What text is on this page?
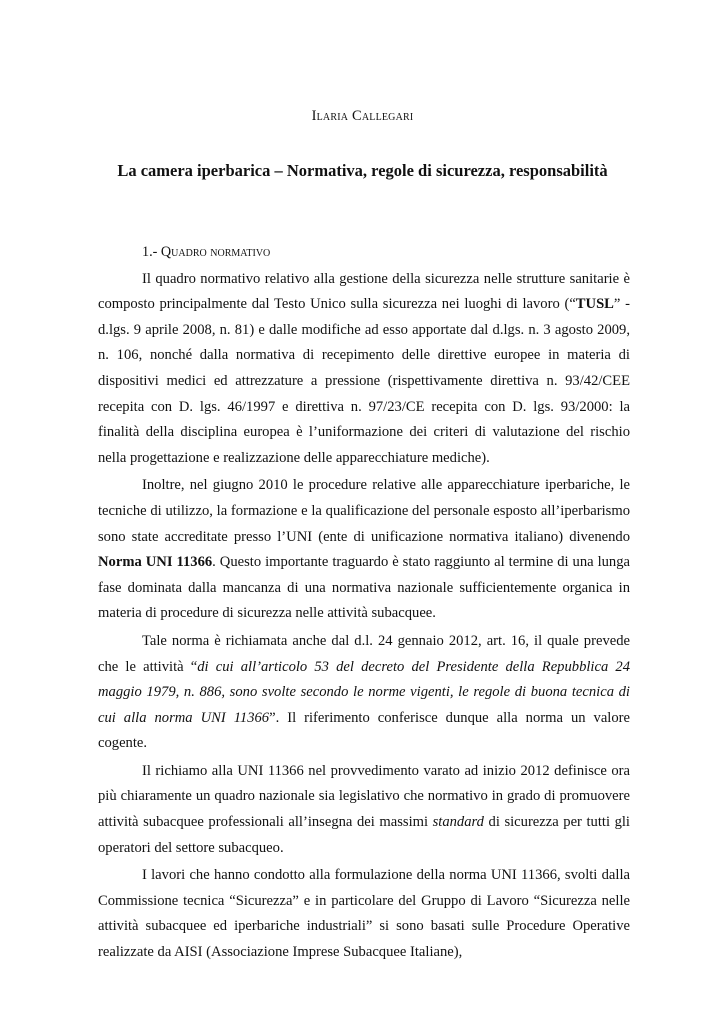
Ilaria Callegari
La camera iperbarica – Normativa, regole di sicurezza, responsabilità
1.- Quadro normativo

Il quadro normativo relativo alla gestione della sicurezza nelle strutture sanitarie è composto principalmente dal Testo Unico sulla sicurezza nei luoghi di lavoro (“TUSL” - d.lgs. 9 aprile 2008, n. 81) e dalle modifiche ad esso apportate dal d.lgs. n. 3 agosto 2009, n. 106, nonché dalla normativa di recepimento delle direttive europee in materia di dispositivi medici ed attrezzature a pressione (rispettivamente direttiva n. 93/42/CEE recepita con D. lgs. 46/1997 e direttiva n. 97/23/CE recepita con D. lgs. 93/2000: la finalità della disciplina europea è l’uniformazione dei criteri di valutazione del rischio nella progettazione e realizzazione delle apparecchiature mediche).

Inoltre, nel giugno 2010 le procedure relative alle apparecchiature iperbariche, le tecniche di utilizzo, la formazione e la qualificazione del personale esposto all’iperbarismo sono state accreditate presso l’UNI (ente di unificazione normativa italiano) divenendo Norma UNI 11366. Questo importante traguardo è stato raggiunto al termine di una lunga fase dominata dalla mancanza di una normativa nazionale sufficientemente organica in materia di procedure di sicurezza nelle attività subacquee.

Tale norma è richiamata anche dal d.l. 24 gennaio 2012, art. 16, il quale prevede che le attività “di cui all’articolo 53 del decreto del Presidente della Repubblica 24 maggio 1979, n. 886, sono svolte secondo le norme vigenti, le regole di buona tecnica di cui alla norma UNI 11366”. Il riferimento conferisce dunque alla norma un valore cogente.

Il richiamo alla UNI 11366 nel provvedimento varato ad inizio 2012 definisce ora più chiaramente un quadro nazionale sia legislativo che normativo in grado di promuovere attività subacquee professionali all’insegna dei massimi standard di sicurezza per tutti gli operatori del settore subacqueo.

I lavori che hanno condotto alla formulazione della norma UNI 11366, svolti dalla Commissione tecnica “Sicurezza” e in particolare del Gruppo di Lavoro “Sicurezza nelle attività subacquee ed iperbariche industriali” si sono basati sulle Procedure Operative realizzate da AISI (Associazione Imprese Subacquee Italiane),
